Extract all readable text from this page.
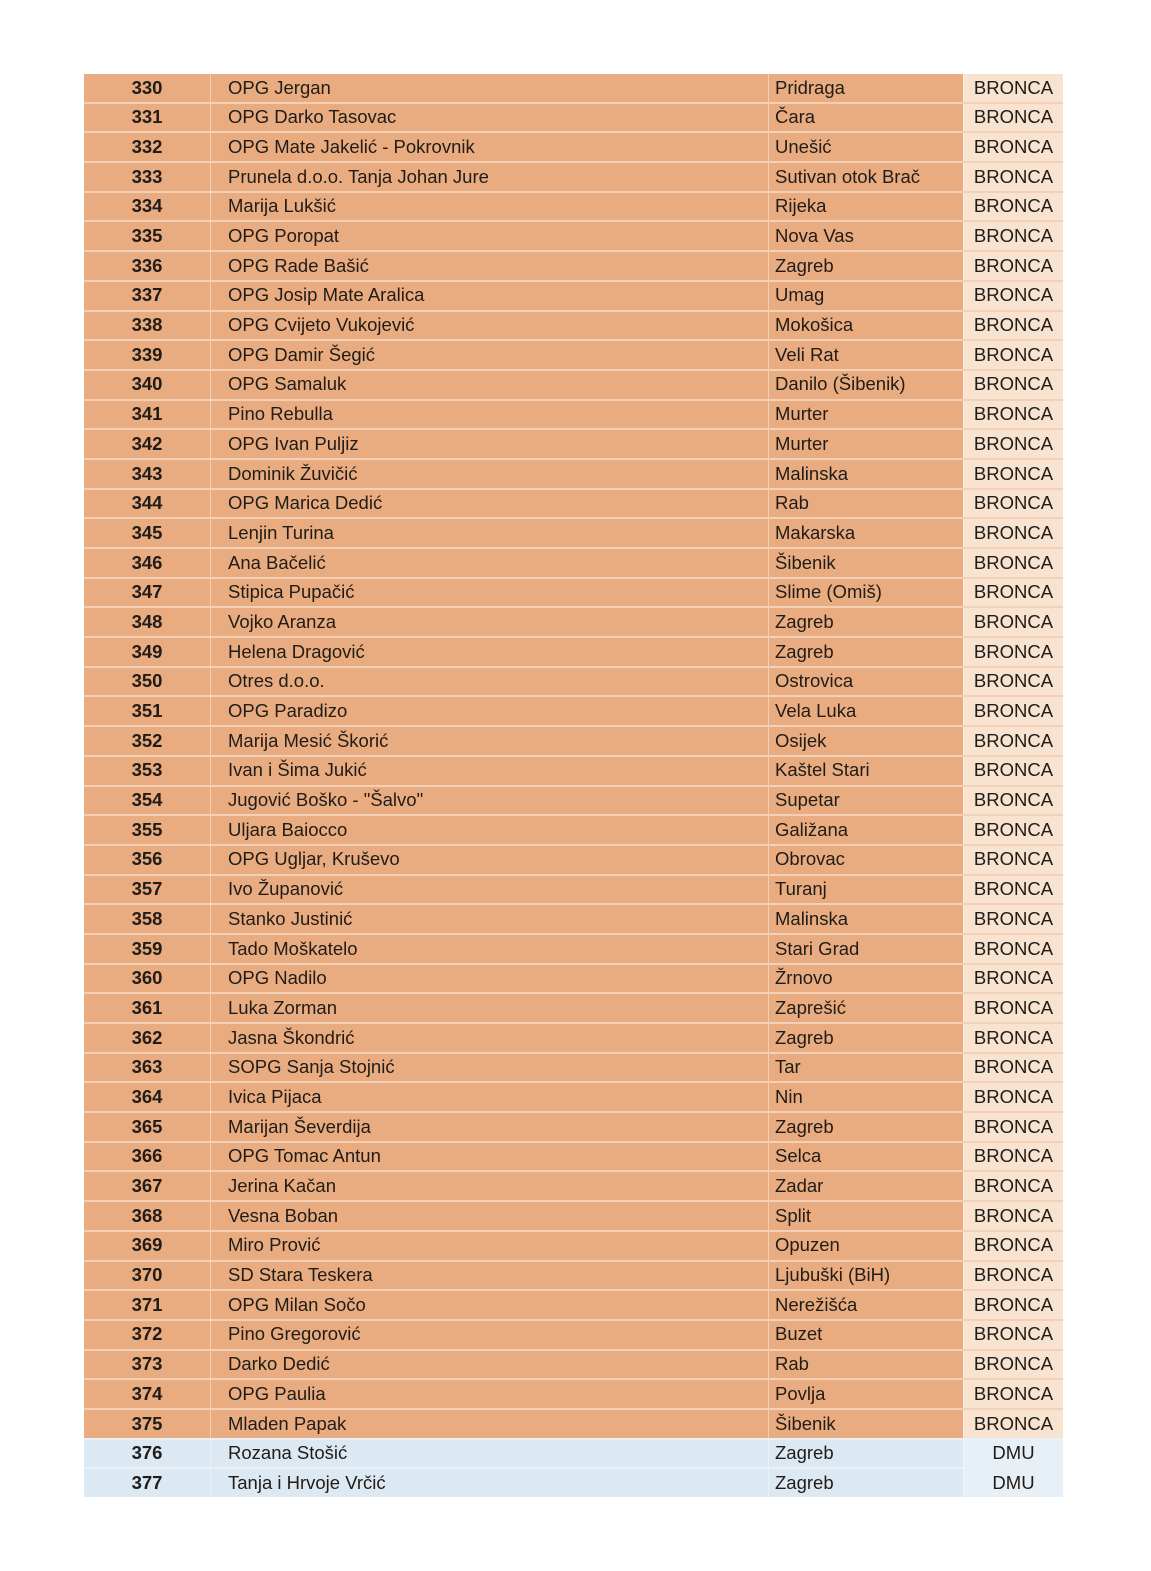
330	OPG Jergan	Pridraga	BRONCA
331	OPG Darko Tasovac	Čara	BRONCA
332	OPG Mate Jakelić - Pokrovnik	Unešić	BRONCA
333	Prunela d.o.o. Tanja Johan Jure	Sutivan otok Brač	BRONCA
334	Marija Lukšić	Rijeka	BRONCA
335	OPG Poropat	Nova Vas	BRONCA
336	OPG Rade Bašić	Zagreb	BRONCA
337	OPG Josip Mate Aralica	Umag	BRONCA
338	OPG Cvijeto Vukojević	Mokošica	BRONCA
339	OPG Damir Šegić	Veli Rat	BRONCA
340	OPG Samaluk	Danilo (Šibenik)	BRONCA
341	Pino Rebulla	Murter	BRONCA
342	OPG Ivan Puljiz	Murter	BRONCA
343	Dominik Žuvičić	Malinska	BRONCA
344	OPG Marica Dedić	Rab	BRONCA
345	Lenjin Turina	Makarska	BRONCA
346	Ana Bačelić	Šibenik	BRONCA
347	Stipica Pupačić	Slime (Omiš)	BRONCA
348	Vojko Aranza	Zagreb	BRONCA
349	Helena Dragović	Zagreb	BRONCA
350	Otres d.o.o.	Ostrovica	BRONCA
351	OPG Paradizo	Vela Luka	BRONCA
352	Marija Mesić Škorić	Osijek	BRONCA
353	Ivan i Šima Jukić	Kaštel Stari	BRONCA
354	Jugović Boško - "Šalvo"	Supetar	BRONCA
355	Uljara Baiocco	Galižana	BRONCA
356	OPG Ugljar, Kruševo	Obrovac	BRONCA
357	Ivo Županović	Turanj	BRONCA
358	Stanko Justinić	Malinska	BRONCA
359	Tado Moškatelo	Stari Grad	BRONCA
360	OPG Nadilo	Žrnovo	BRONCA
361	Luka Zorman	Zaprešić	BRONCA
362	Jasna Škondrić	Zagreb	BRONCA
363	SOPG Sanja Stojnić	Tar	BRONCA
364	Ivica Pijaca	Nin	BRONCA
365	Marijan Ševerdija	Zagreb	BRONCA
366	OPG Tomac Antun	Selca	BRONCA
367	Jerina Kačan	Zadar	BRONCA
368	Vesna Boban	Split	BRONCA
369	Miro Prović	Opuzen	BRONCA
370	SD Stara Teskera	Ljubuški (BiH)	BRONCA
371	OPG Milan Sočo	Nerežišća	BRONCA
372	Pino Gregorović	Buzet	BRONCA
373	Darko Dedić	Rab	BRONCA
374	OPG Paulia	Povlja	BRONCA
375	Mladen Papak	Šibenik	BRONCA
376	Rozana Stošić	Zagreb	DMU
377	Tanja i Hrvoje Vrčić	Zagreb	DMU
